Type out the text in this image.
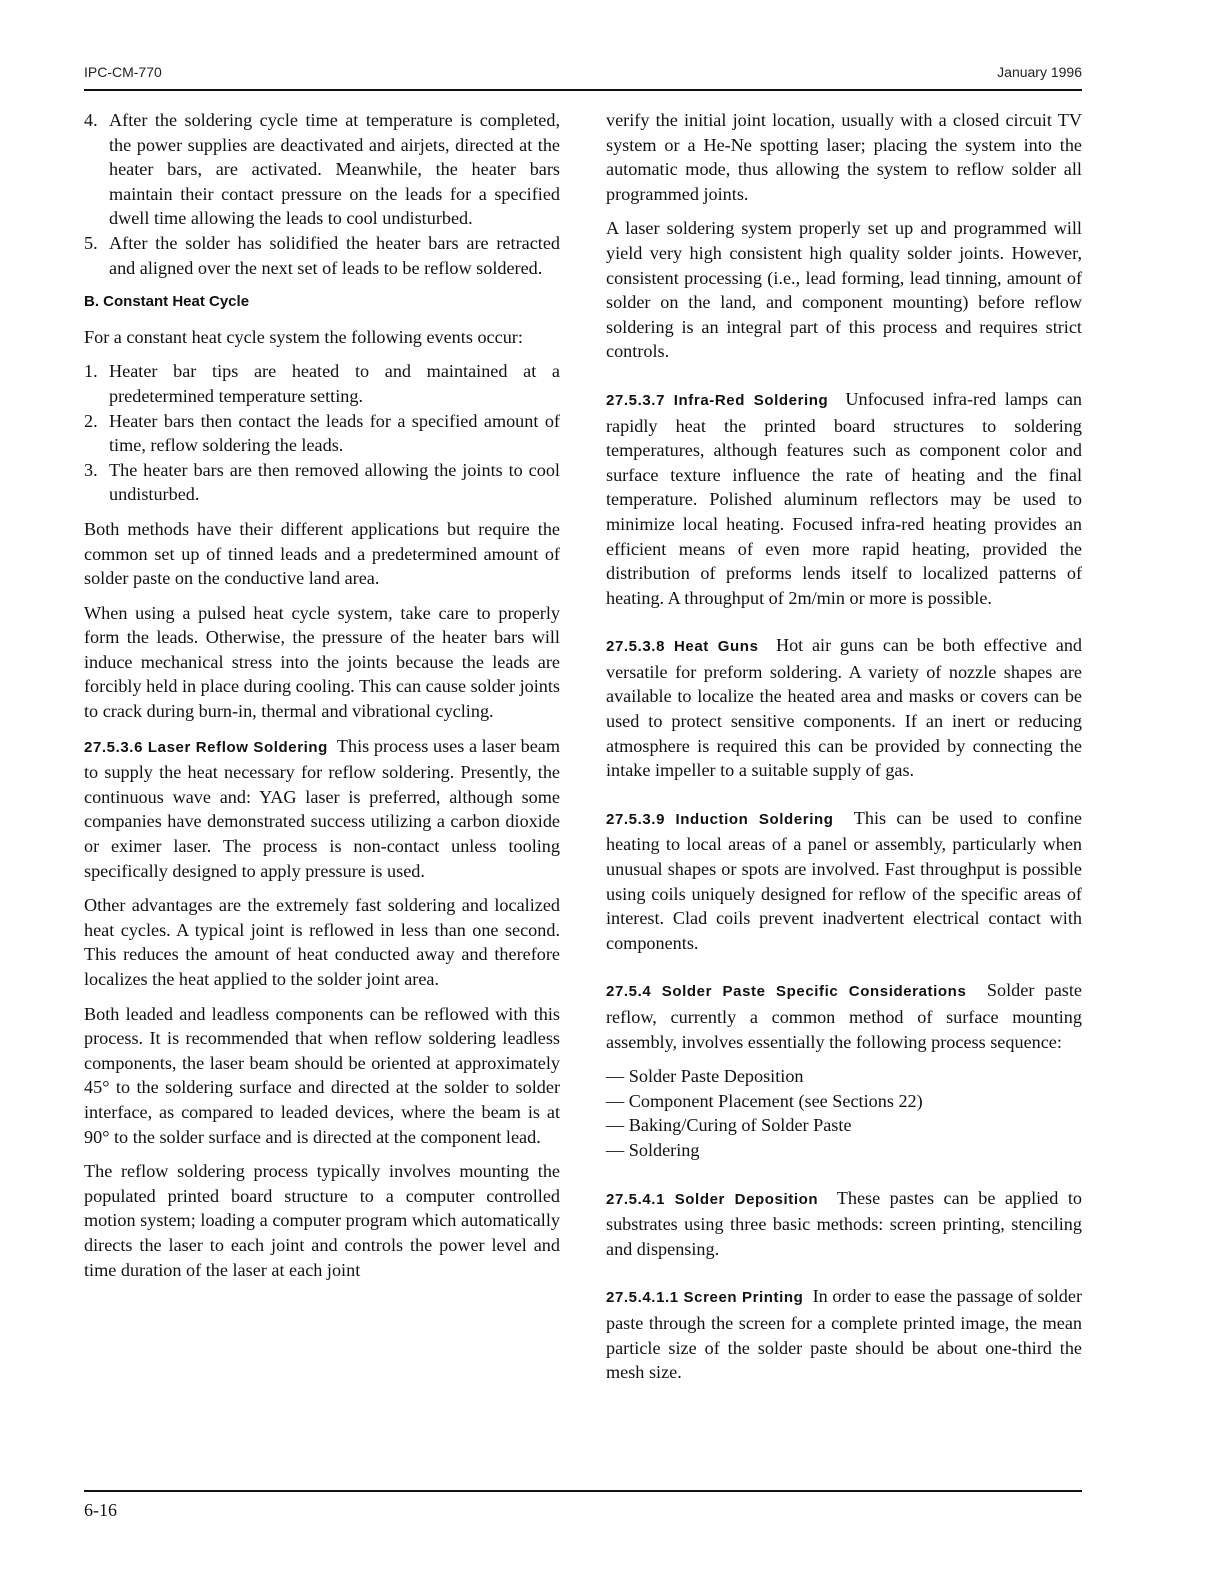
IPC-CM-770	January 1996
4. After the soldering cycle time at temperature is completed, the power supplies are deactivated and airjets, directed at the heater bars, are activated. Meanwhile, the heater bars maintain their contact pressure on the leads for a specified dwell time allowing the leads to cool undisturbed.
5. After the solder has solidified the heater bars are retracted and aligned over the next set of leads to be reflow soldered.
B. Constant Heat Cycle

For a constant heat cycle system the following events occur:

1. Heater bar tips are heated to and maintained at a predetermined temperature setting.
2. Heater bars then contact the leads for a specified amount of time, reflow soldering the leads.
3. The heater bars are then removed allowing the joints to cool undisturbed.

Both methods have their different applications but require the common set up of tinned leads and a predetermined amount of solder paste on the conductive land area.

When using a pulsed heat cycle system, take care to properly form the leads. Otherwise, the pressure of the heater bars will induce mechanical stress into the joints because the leads are forcibly held in place during cooling. This can cause solder joints to crack during burn-in, thermal and vibrational cycling.

27.5.3.6 Laser Reflow Soldering This process uses a laser beam to supply the heat necessary for reflow soldering. Presently, the continuous wave and: YAG laser is preferred, although some companies have demonstrated success utilizing a carbon dioxide or eximer laser. The process is non-contact unless tooling specifically designed to apply pressure is used.

Other advantages are the extremely fast soldering and localized heat cycles. A typical joint is reflowed in less than one second. This reduces the amount of heat conducted away and therefore localizes the heat applied to the solder joint area.

Both leaded and leadless components can be reflowed with this process. It is recommended that when reflow soldering leadless components, the laser beam should be oriented at approximately 45° to the soldering surface and directed at the solder to solder interface, as compared to leaded devices, where the beam is at 90° to the solder surface and is directed at the component lead.

The reflow soldering process typically involves mounting the populated printed board structure to a computer controlled motion system; loading a computer program which automatically directs the laser to each joint and controls the power level and time duration of the laser at each joint

verify the initial joint location, usually with a closed circuit TV system or a He-Ne spotting laser; placing the system into the automatic mode, thus allowing the system to reflow solder all programmed joints.

A laser soldering system properly set up and programmed will yield very high consistent high quality solder joints. However, consistent processing (i.e., lead forming, lead tinning, amount of solder on the land, and component mounting) before reflow soldering is an integral part of this process and requires strict controls.

27.5.3.7 Infra-Red Soldering Unfocused infra-red lamps can rapidly heat the printed board structures to soldering temperatures, although features such as component color and surface texture influence the rate of heating and the final temperature. Polished aluminum reflectors may be used to minimize local heating. Focused infra-red heating provides an efficient means of even more rapid heating, provided the distribution of preforms lends itself to localized patterns of heating. A throughput of 2m/min or more is possible.

27.5.3.8 Heat Guns Hot air guns can be both effective and versatile for preform soldering. A variety of nozzle shapes are available to localize the heated area and masks or covers can be used to protect sensitive components. If an inert or reducing atmosphere is required this can be provided by connecting the intake impeller to a suitable supply of gas.

27.5.3.9 Induction Soldering This can be used to confine heating to local areas of a panel or assembly, particularly when unusual shapes or spots are involved. Fast throughput is possible using coils uniquely designed for reflow of the specific areas of interest. Clad coils prevent inadvertent electrical contact with components.

27.5.4 Solder Paste Specific Considerations Solder paste reflow, currently a common method of surface mounting assembly, involves essentially the following process sequence:

— Solder Paste Deposition
— Component Placement (see Sections 22)
— Baking/Curing of Solder Paste
— Soldering

27.5.4.1 Solder Deposition These pastes can be applied to substrates using three basic methods: screen printing, stenciling and dispensing.

27.5.4.1.1 Screen Printing In order to ease the passage of solder paste through the screen for a complete printed image, the mean particle size of the solder paste should be about one-third the mesh size.

6-16
